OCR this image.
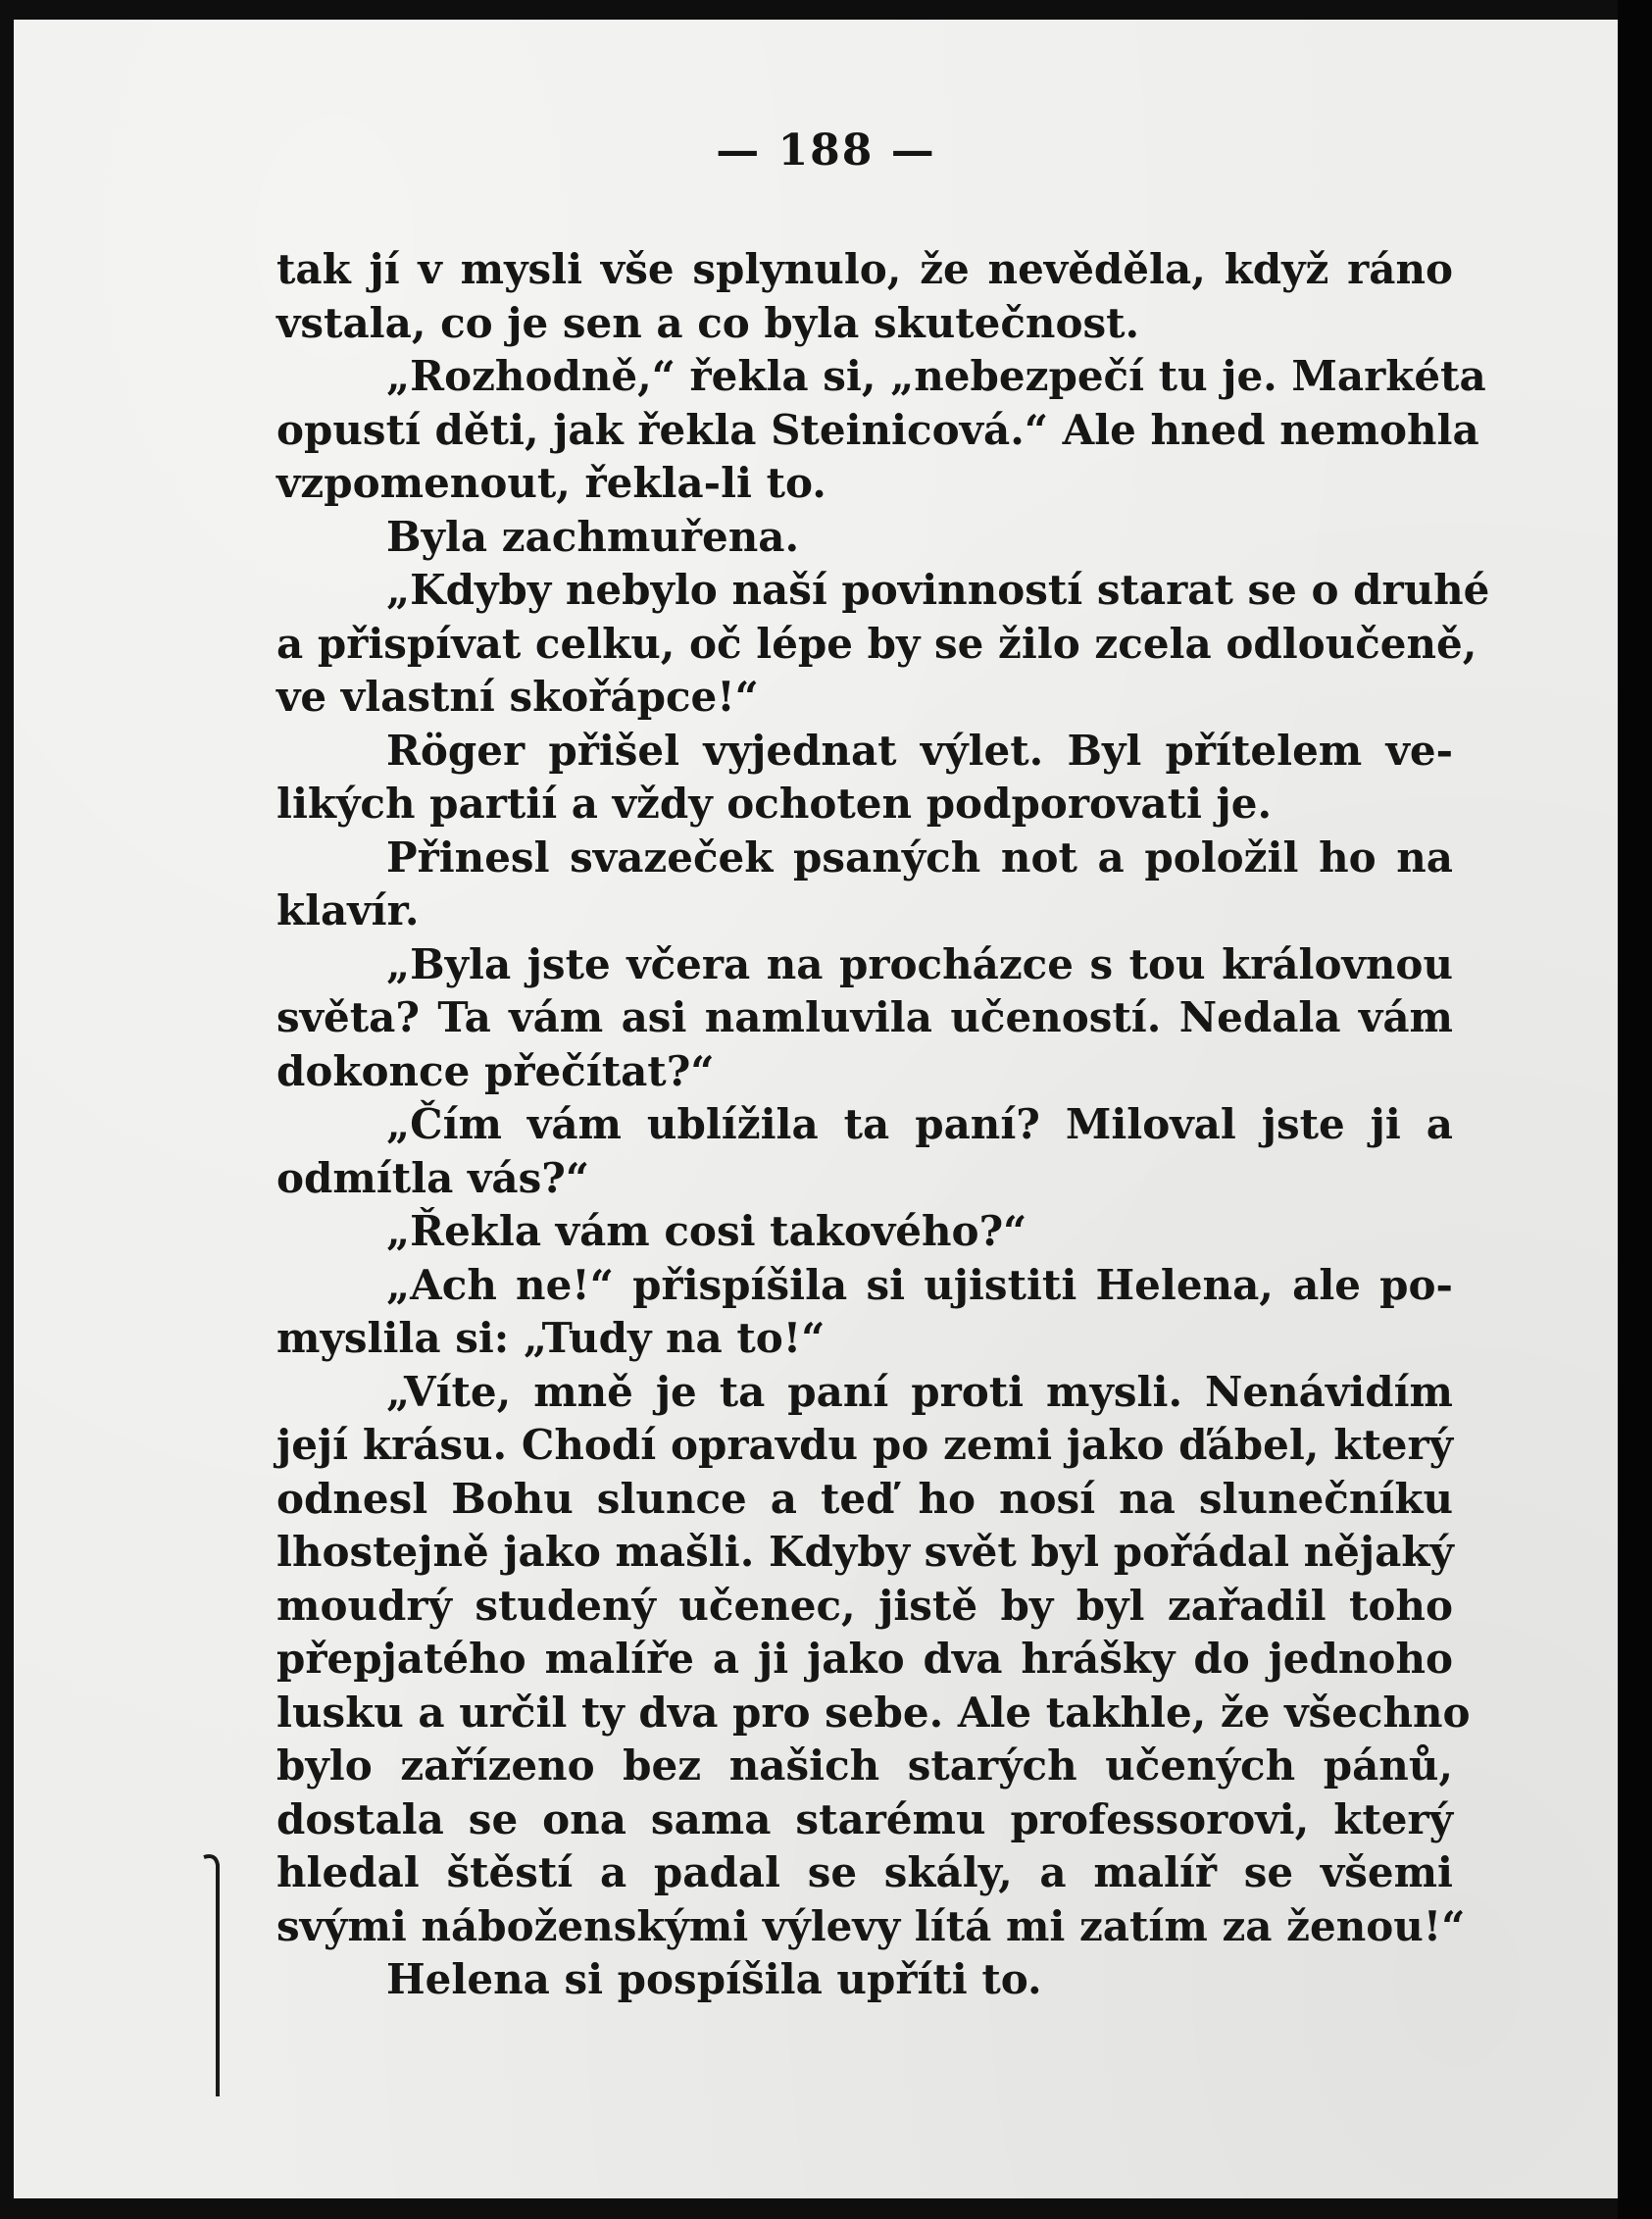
— 188 —
tak jí v mysli vše splynulo, že nevěděla, když ráno
vstala, co je sen a co byla skutečnost.
„Rozhodně,“ řekla si, „nebezpečí tu je. Markéta
opustí děti, jak řekla Steinicová.“ Ale hned nemohla
vzpomenout, řekla-li to.
Byla zachmuřena.
„Kdyby nebylo naší povinností starat se o druhé
a přispívat celku, oč lépe by se žilo zcela odloučeně,
ve vlastní skořápce!“
Röger přišel vyjednat výlet. Byl přítelem ve-
likých partií a vždy ochoten podporovati je.
Přinesl svazeček psaných not a položil ho na
klavír.
„Byla jste včera na procházce s tou královnou
světa? Ta vám asi namluvila učeností. Nedala vám
dokonce přečítat?“
„Čím vám ublížila ta paní? Miloval jste ji a
odmítla vás?“
„Řekla vám cosi takového?“
„Ach ne!“ přispíšila si ujistiti Helena, ale po-
myslila si: „Tudy na to!“
„Víte, mně je ta paní proti mysli. Nenávidím
její krásu. Chodí opravdu po zemi jako ďábel, který
odnesl Bohu slunce a teď ho nosí na slunečníku
lhostejně jako mašli. Kdyby svět byl pořádal nějaký
moudrý studený učenec, jistě by byl zařadil toho
přepjatého malíře a ji jako dva hrášky do jednoho
lusku a určil ty dva pro sebe. Ale takhle, že všechno
bylo zařízeno bez našich starých učených pánů,
dostala se ona sama starému professorovi, který
hledal štěstí a padal se skály, a malíř se všemi
svými náboženskými výlevy lítá mi zatím za ženou!“
Helena si pospíšila upříti to.
